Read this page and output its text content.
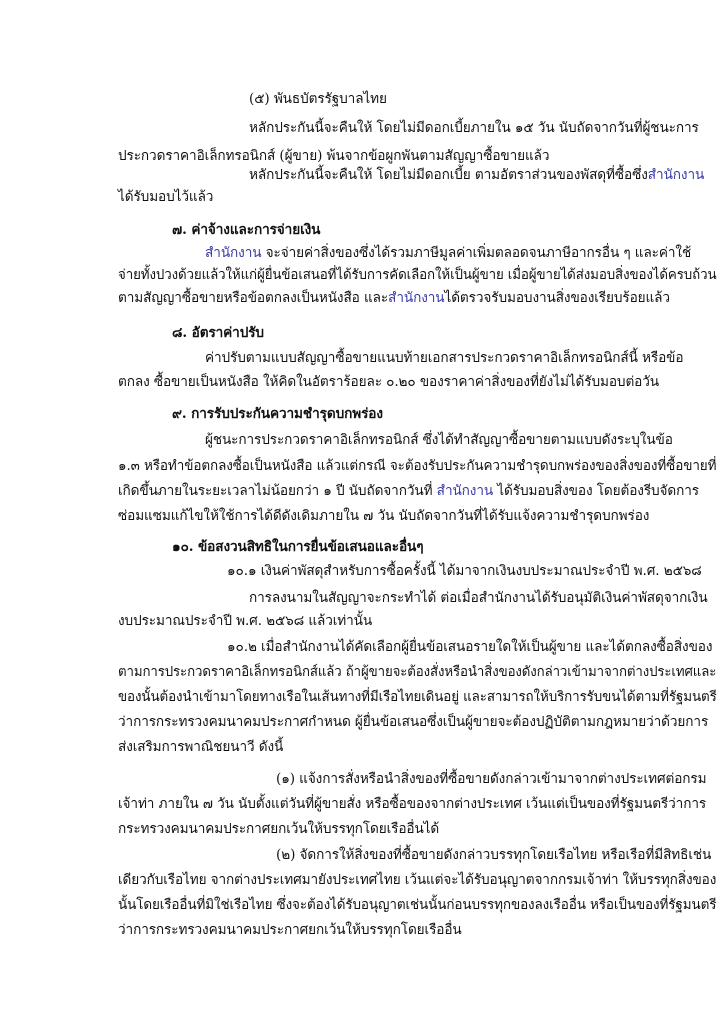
(๕) พันธบัตรรัฐบาลไทย
หลักประกันนี้จะคืนให้ โดยไม่มีดอกเบี้ยภายใน ๑๕ วัน นับถัดจากวันที่ผู้ชนะการ
ประกวดราคาอิเล็กทรอนิกส์ (ผู้ขาย) พ้นจากข้อผูกพันตามสัญญาซื้อขายแล้ว
หลักประกันนี้จะคืนให้ โดยไม่มีดอกเบี้ย ตามอัตราส่วนของพัสดุที่ซื้อซึ่งสำนักงาน
ได้รับมอบไว้แล้ว
๗. ค่าจ้างและการจ่ายเงิน
สำนักงาน จะจ่ายค่าสิ่งของซึ่งได้รวมภาษีมูลค่าเพิ่มตลอดจนภาษีอากรอื่น ๆ และค่าใช้
จ่ายทั้งปวงด้วยแล้วให้แก่ผู้ยื่นข้อเสนอที่ได้รับการคัดเลือกให้เป็นผู้ขาย เมื่อผู้ขายได้ส่งมอบสิ่งของได้ครบถ้วน
ตามสัญญาซื้อขายหรือข้อตกลงเป็นหนังสือ และสำนักงานได้ตรวจรับมอบงานสิ่งของเรียบร้อยแล้ว
๘. อัตราค่าปรับ
ค่าปรับตามแบบสัญญาซื้อขายแนบท้ายเอกสารประกวดราคาอิเล็กทรอนิกส์นี้ หรือข้อ
ตกลง ซื้อขายเป็นหนังสือ ให้คิดในอัตราร้อยละ ๐.๒๐ ของราคาค่าสิ่งของที่ยังไม่ได้รับมอบต่อวัน
๙. การรับประกันความชำรุดบกพร่อง
ผู้ชนะการประกวดราคาอิเล็กทรอนิกส์ ซึ่งได้ทำสัญญาซื้อขายตามแบบดังระบุในข้อ
๑.๓ หรือทำข้อตกลงซื้อเป็นหนังสือ แล้วแต่กรณี จะต้องรับประกันความชำรุดบกพร่องของสิ่งของที่ซื้อขายที่
เกิดขึ้นภายในระยะเวลาไม่น้อยกว่า ๑ ปี นับถัดจากวันที่ สำนักงาน ได้รับมอบสิ่งของ โดยต้องรีบจัดการ
ซ่อมแซมแก้ไขให้ใช้การได้ดีดังเดิมภายใน ๗ วัน นับถัดจากวันที่ได้รับแจ้งความชำรุดบกพร่อง
๑๐. ข้อสงวนสิทธิในการยื่นข้อเสนอและอื่นๆ
๑๐.๑ เงินค่าพัสดุสำหรับการซื้อครั้งนี้ ได้มาจากเงินงบประมาณประจำปี พ.ศ. ๒๕๖๘
การลงนามในสัญญาจะกระทำได้ ต่อเมื่อสำนักงานได้รับอนุมัติเงินค่าพัสดุจากเงิน
งบประมาณประจำปี พ.ศ. ๒๕๖๘ แล้วเท่านั้น
๑๐.๒ เมื่อสำนักงานได้คัดเลือกผู้ยื่นข้อเสนอรายใดให้เป็นผู้ขาย และได้ตกลงซื้อสิ่งของ
ตามการประกวดราคาอิเล็กทรอนิกส์แล้ว ถ้าผู้ขายจะต้องสั่งหรือนำสิ่งของดังกล่าวเข้ามาจากต่างประเทศและ
ของนั้นต้องนำเข้ามาโดยทางเรือในเส้นทางที่มีเรือไทยเดินอยู่ และสามารถให้บริการรับขนได้ตามที่รัฐมนตรี
ว่าการกระทรวงคมนาคมประกาศกำหนด ผู้ยื่นข้อเสนอซึ่งเป็นผู้ขายจะต้องปฏิบัติตามกฎหมายว่าด้วยการ
ส่งเสริมการพาณิชยนาวี ดังนี้
(๑) แจ้งการสั่งหรือนำสิ่งของที่ซื้อขายดังกล่าวเข้ามาจากต่างประเทศต่อกรม
เจ้าท่า ภายใน ๗ วัน นับตั้งแต่วันที่ผู้ขายสั่ง หรือซื้อของจากต่างประเทศ เว้นแต่เป็นของที่รัฐมนตรีว่าการ
กระทรวงคมนาคมประกาศยกเว้นให้บรรทุกโดยเรืออื่นได้
(๒) จัดการให้สิ่งของที่ซื้อขายดังกล่าวบรรทุกโดยเรือไทย หรือเรือที่มีสิทธิเช่น
เดียวกับเรือไทย จากต่างประเทศมายังประเทศไทย เว้นแต่จะได้รับอนุญาตจากกรมเจ้าท่า ให้บรรทุกสิ่งของ
นั้นโดยเรืออื่นที่มิใช่เรือไทย ซึ่งจะต้องได้รับอนุญาตเช่นนั้นก่อนบรรทุกของลงเรืออื่น หรือเป็นของที่รัฐมนตรี
ว่าการกระทรวงคมนาคมประกาศยกเว้นให้บรรทุกโดยเรืออื่น
